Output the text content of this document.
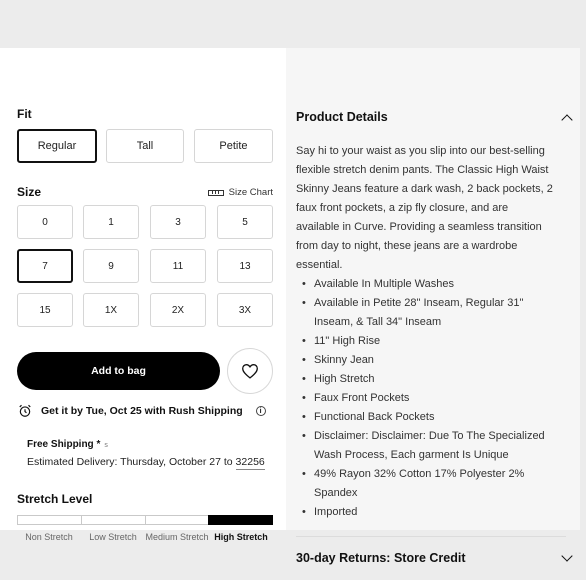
Fit
Regular	Tall	Petite
Size	Size Chart
0	1	3	5
7	9	11	13
15	1X	2X	3X
Add to bag
Get it by Tue, Oct 25 with Rush Shipping	i
Free Shipping * s
Estimated Delivery: Thursday, October 27 to 32256
Stretch Level
Non Stretch	Low Stretch Medium Stretch High Stretch
Product Details
Say hi to your waist as you slip into our best-selling
flexible stretch denim pants. The Classic High Waist
Skinny Jeans feature a dark wash, 2 back pockets, 2
faux front pockets, a zip fly closure, and are
available in Curve. Providing a seamless transition
from day to night, these jeans are a wardrobe
essential.
• Available In Multiple Washes
• Available in Petite 28" Inseam, Regular 31"
Inseam, & Tall 34" Inseam
• 11" High Rise
• Skinny Jean
• High Stretch
• Faux Front Pockets
• Functional Back Pockets
• Disclaimer: Disclaimer: Due To The Specialized
Wash Process, Each garment Is Unique
• 49% Rayon 32% Cotton 17% Polyester 2%
Spandex
• Imported
30-day Returns: Store Credit
